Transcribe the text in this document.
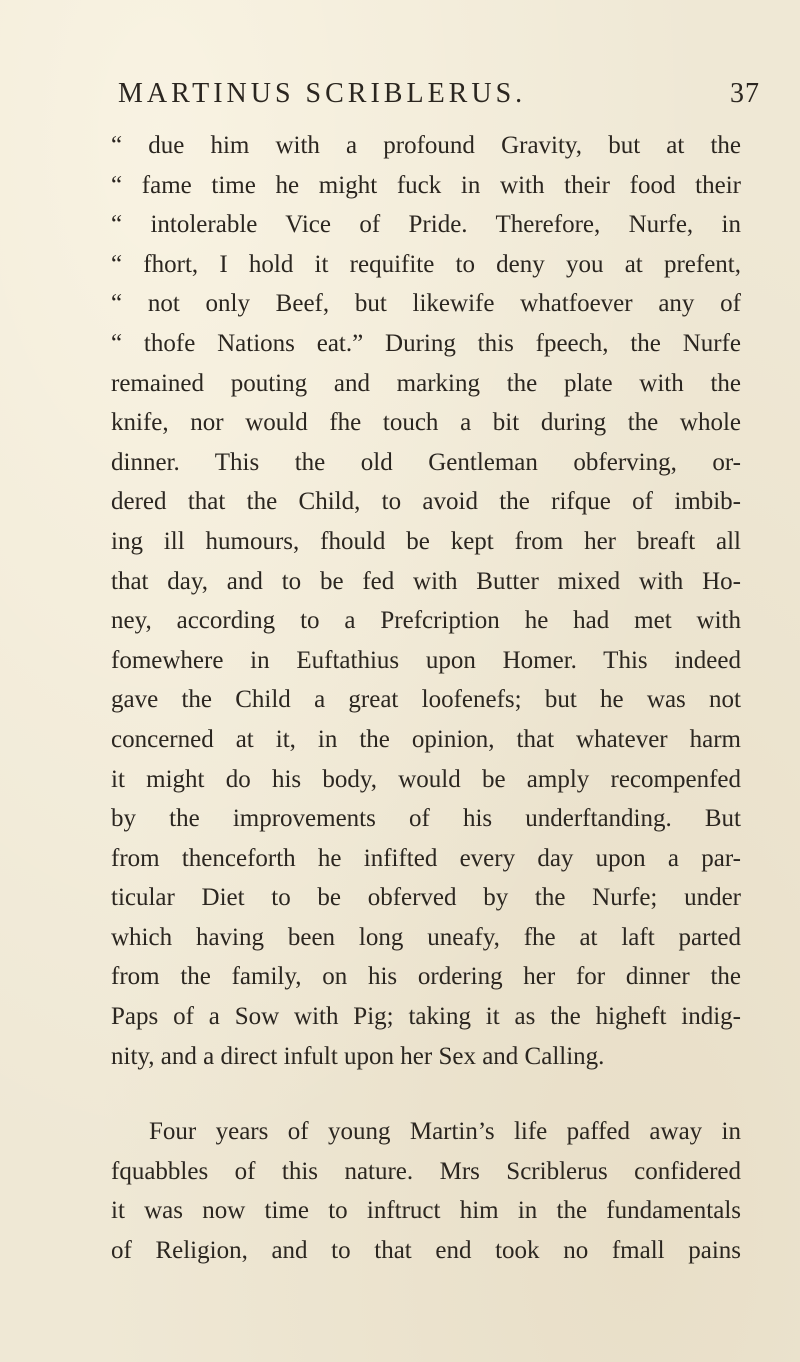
MARTINUS SCRIBLERUS.	37
“ due him with a profound Gravity, but at the
“ fame time he might fuck in with their food their
“ intolerable Vice of Pride. Therefore, Nurfe, in
“ fhort, I hold it requifite to deny you at prefent,
“ not only Beef, but likewife whatfoever any of
“ thofe Nations eat.” During this fpeech, the Nurfe
remained pouting and marking the plate with the
knife, nor would fhe touch a bit during the whole
dinner. This the old Gentleman obferving, or-
dered that the Child, to avoid the rifque of imbib-
ing ill humours, fhould be kept from her breaft all
that day, and to be fed with Butter mixed with Ho-
ney, according to a Prefcription he had met with
fomewhere in Euftathius upon Homer. This indeed
gave the Child a great loofenefs; but he was not
concerned at it, in the opinion, that whatever harm
it might do his body, would be amply recompenfed
by the improvements of his underftanding. But
from thenceforth he infifted every day upon a par-
ticular Diet to be obferved by the Nurfe; under
which having been long uneafy, fhe at laft parted
from the family, on his ordering her for dinner the
Paps of a Sow with Pig; taking it as the higheft indig-
nity, and a direct infult upon her Sex and Calling.
Four years of young Martin’s life paffed away in
fquabbles of this nature. Mrs Scriblerus confidered
it was now time to inftruct him in the fundamentals
of Religion, and to that end took no fmall pains
